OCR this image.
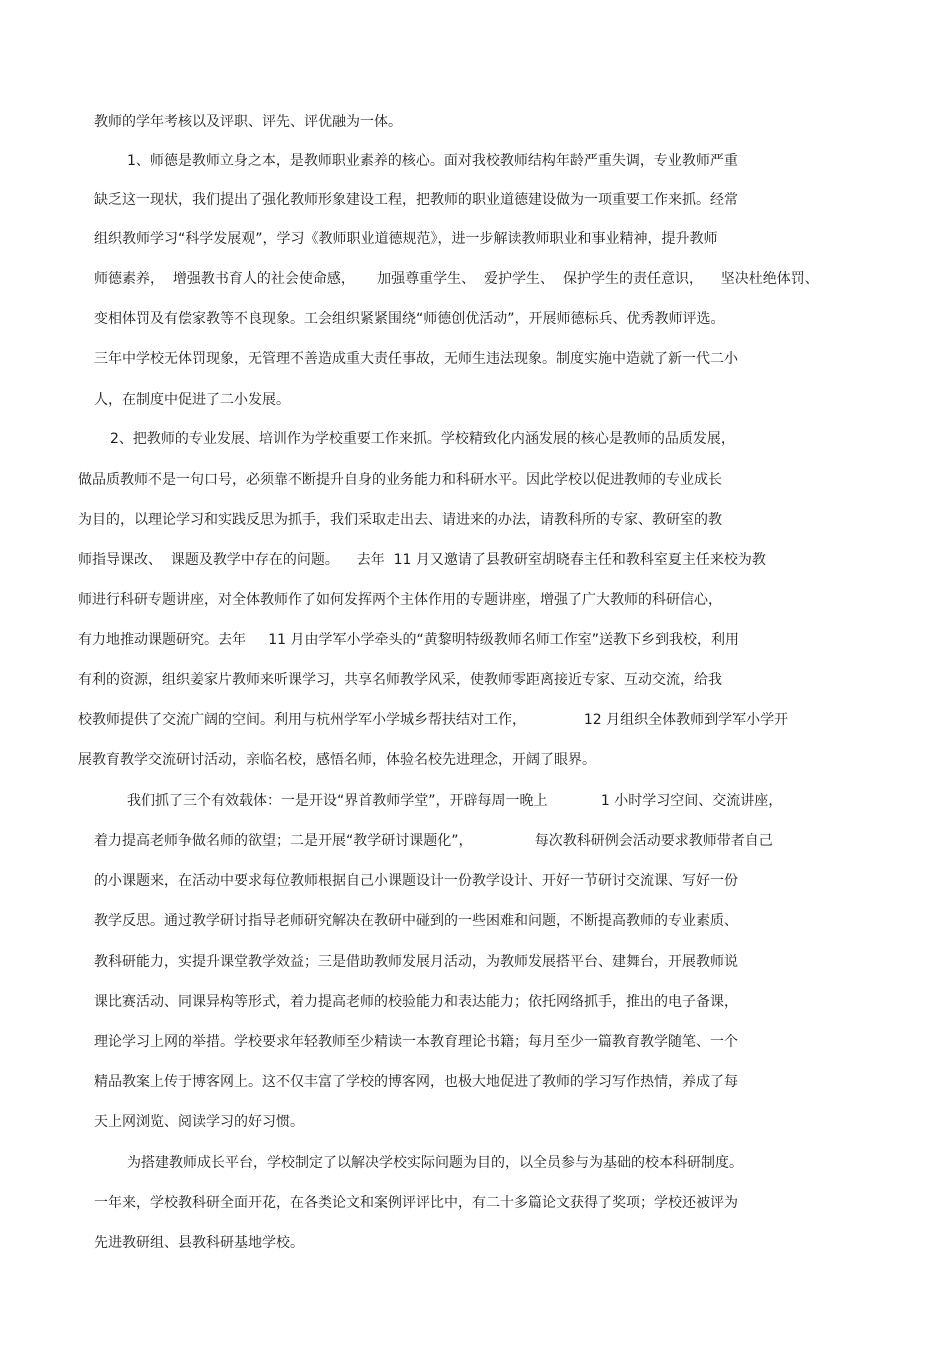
教师的学年考核以及评职、评先、评优融为一体。
1、师德是教师立身之本，是教师职业素养的核心。面对我校教师结构年龄严重失调，专业教师严重
缺乏这一现状，我们提出了强化教师形象建设工程，把教师的职业道德建设做为一项重要工作来抓。经常
组织教师学习“科学发展观”，学习《教师职业道德规范》，进一步解读教师职业和事业精神，提升教师
师德素养，  增强教书育人的社会使命感，     加强尊重学生、  爱护学生、  保护学生的责任意识，    坚决杜绝体罚、
变相体罚及有偿家教等不良现象。工会组织紧紧围绕“师德创优活动”，开展师德标兵、优秀教师评选。
三年中学校无体罚现象，无管理不善造成重大责任事故，无师生违法现象。制度实施中造就了新一代二小
人，在制度中促进了二小发展。
2、把教师的专业发展、培训作为学校重要工作来抓。学校精致化内涵发展的核心是教师的品质发展，
做品质教师不是一句口号，必须靠不断提升自身的业务能力和科研水平。因此学校以促进教师的专业成长
为目的，以理论学习和实践反思为抓手，我们采取走出去、请进来的办法，请教科所的专家、教研室的教
师指导课改、  课题及教学中存在的问题。    去年  11 月又邀请了县教研室胡晓春主任和教科室夏主任来校为教
师进行科研专题讲座，对全体教师作了如何发挥两个主体作用的专题讲座，增强了广大教师的科研信心，
有力地推动课题研究。去年     11 月由学军小学牵头的“黄黎明特级教师名师工作室”送教下乡到我校，利用
有利的资源，组织姜家片教师来听课学习，共享名师教学风采，使教师零距离接近专家、互动交流，给我
校教师提供了交流广阔的空间。利用与杭州学军小学城乡帮扶结对工作，             12 月组织全体教师到学军小学开
展教育教学交流研讨活动，亲临名校，感悟名师，体验名校先进理念，开阔了眼界。
我们抓了三个有效载体：一是开设“界首教师学堂”，开辟每周一晚上            1 小时学习空间、交流讲座，
着力提高老师争做名师的欲望；二是开展“教学研讨课题化”，              每次教科研例会活动要求教师带者自己
的小课题来，在活动中要求每位教师根据自己小课题设计一份教学设计、开好一节研讨交流课、写好一份
教学反思。通过教学研讨指导老师研究解决在教研中碰到的一些困难和问题，不断提高教师的专业素质、
教科研能力，实提升课堂教学效益；三是借助教师发展月活动，为教师发展搭平台、建舞台，开展教师说
课比赛活动、同课异构等形式，着力提高老师的校验能力和表达能力；依托网络抓手，推出的电子备课，
理论学习上网的举措。学校要求年轻教师至少精读一本教育理论书籍；每月至少一篇教育教学随笔、一个
精品教案上传于博客网上。这不仅丰富了学校的博客网，也极大地促进了教师的学习写作热情，养成了每
天上网浏览、阅读学习的好习惯。
为搭建教师成长平台，学校制定了以解决学校实际问题为目的，以全员参与为基础的校本科研制度。
一年来，学校教科研全面开花，在各类论文和案例评评比中，有二十多篇论文获得了奖项；学校还被评为
先进教研组、县教科研基地学校。
